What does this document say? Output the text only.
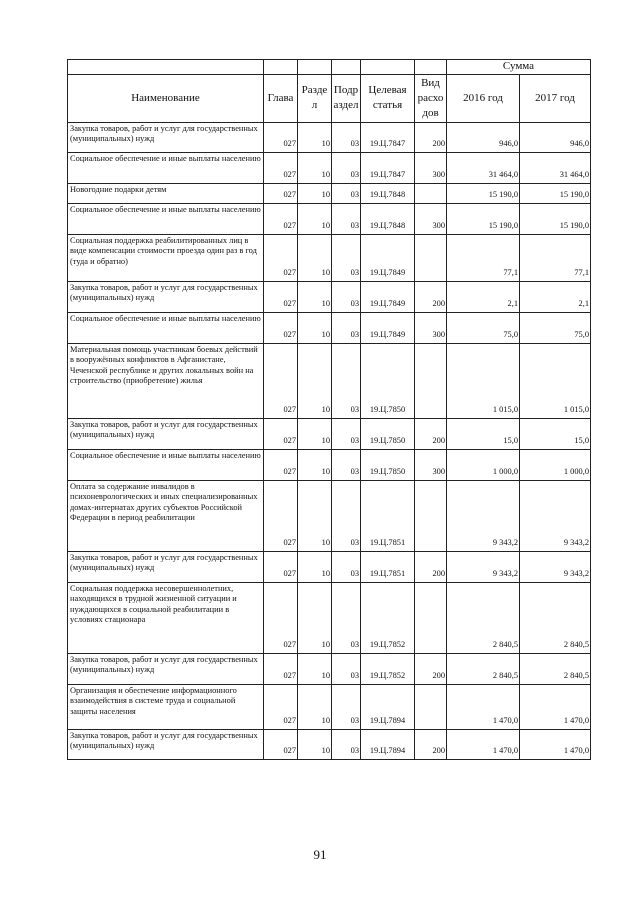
						Сумма	
Наименование	Глава	Разде л	Подр аздел	Целевая статья	Вид расхо дов	2016 год	2017 год
Закупка товаров, работ и услуг для государственных (муниципальных) нужд	027	10	03	19.Ц.7847	200	946,0	946,0
Социальное обеспечение и иные выплаты населению	027	10	03	19.Ц.7847	300	31 464,0	31 464,0
Новогодние подарки детям	027	10	03	19.Ц.7848		15 190,0	15 190,0
Социальное обеспечение и иные выплаты населению	027	10	03	19.Ц.7848	300	15 190,0	15 190,0
Социальная поддержка реабилитированных лиц в виде компенсации стоимости проезда один раз в год (туда и обратно)	027	10	03	19.Ц.7849		77,1	77,1
Закупка товаров, работ и услуг для государственных (муниципальных) нужд	027	10	03	19.Ц.7849	200	2,1	2,1
Социальное обеспечение и иные выплаты населению	027	10	03	19.Ц.7849	300	75,0	75,0
Материальная помощь участникам боевых действий в вооружённых конфликтов в Афганистане, Чеченской республике и других локальных войн на строительство (приобретение) жилья	027	10	03	19.Ц.7850		1 015,0	1 015,0
Закупка товаров, работ и услуг для государственных (муниципальных) нужд	027	10	03	19.Ц.7850	200	15,0	15,0
Социальное обеспечение и иные выплаты населению	027	10	03	19.Ц.7850	300	1 000,0	1 000,0
Оплата за содержание инвалидов в психоневрологических и иных специализированных домах-интернатах других субъектов Российской Федерации в период реабилитации	027	10	03	19.Ц.7851		9 343,2	9 343,2
Закупка товаров, работ и услуг для государственных (муниципальных) нужд	027	10	03	19.Ц.7851	200	9 343,2	9 343,2
Социальная поддержка несовершеннолетних, находящихся в трудной жизненной ситуации и нуждающихся в социальной реабилитации в условиях стационара	027	10	03	19.Ц.7852		2 840,5	2 840,5
Закупка товаров, работ и услуг для государственных (муниципальных) нужд	027	10	03	19.Ц.7852	200	2 840,5	2 840,5
Организация и обеспечение информационного взаимодействия в системе труда и социальной защиты населения	027	10	03	19.Ц.7894		1 470,0	1 470,0
Закупка товаров, работ и услуг для государственных (муниципальных) нужд	027	10	03	19.Ц.7894	200	1 470,0	1 470,0
91
